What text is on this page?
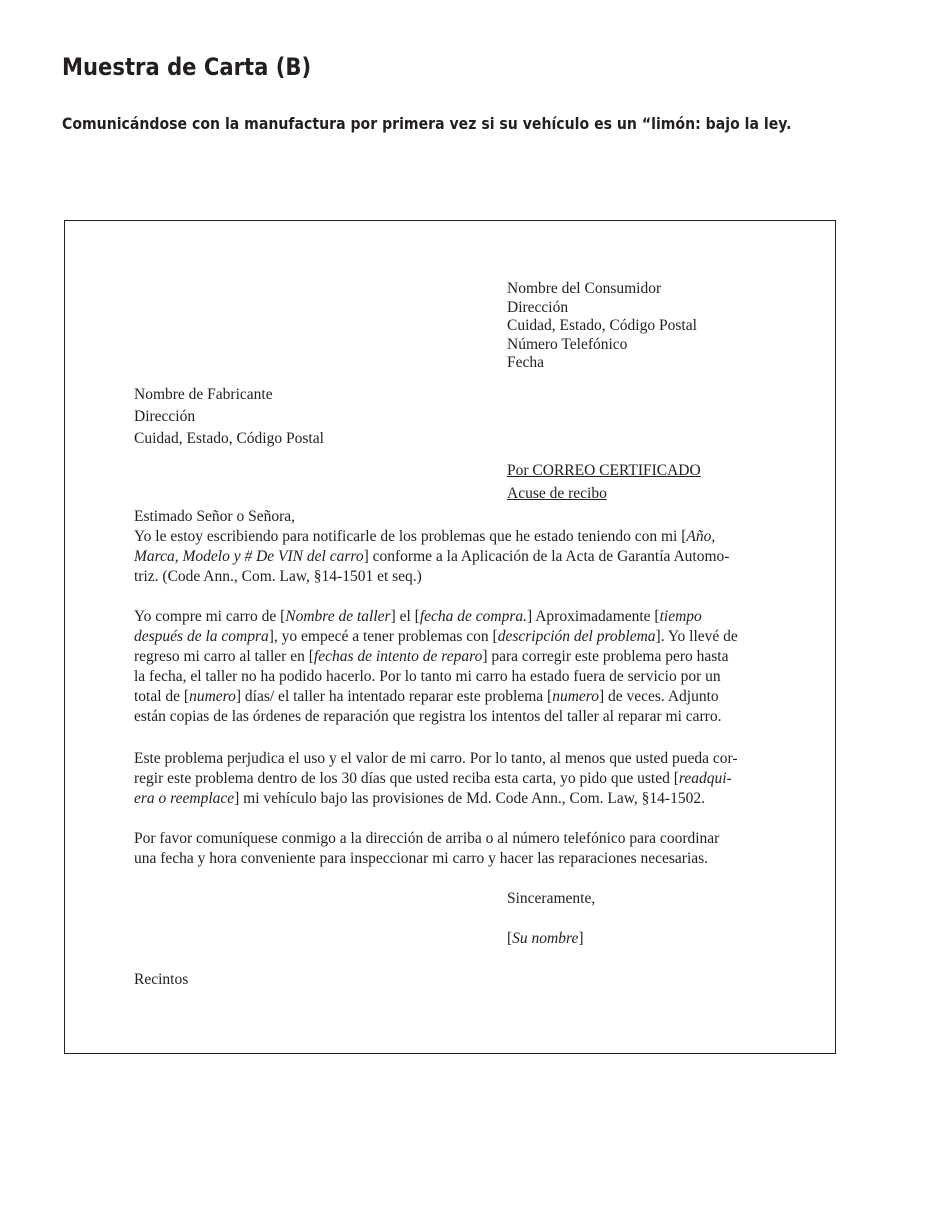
Muestra de Carta (B)
Comunicándose con la manufactura por primera vez si su vehículo es un “limón: bajo la ley.
Nombre del Consumidor
Dirección
Cuidad, Estado, Código Postal
Número Telefónico
Fecha
Nombre de Fabricante
Dirección
Cuidad, Estado, Código Postal
Por CORREO CERTIFICADO
Acuse de recibo
Estimado Señor o Señora,
Yo le estoy escribiendo para notificarle de los problemas que he estado teniendo con mi [Año,
Marca, Modelo y # De VIN del carro] conforme a la Aplicación de la Acta de Garantía Automo-
triz. (Code Ann., Com. Law, §14-1501 et seq.)
Yo compre mi carro de [Nombre de taller] el [fecha de compra.] Aproximadamente [tiempo
después de la compra], yo empecé a tener problemas con [descripción del problema]. Yo llevé de
regreso mi carro al taller en [fechas de intento de reparo] para corregir este problema pero hasta
la fecha, el taller no ha podido hacerlo. Por lo tanto mi carro ha estado fuera de servicio por un
total de [numero] días/ el taller ha intentado reparar este problema [numero] de veces. Adjunto
están copias de las órdenes de reparación que registra los intentos del taller al reparar mi carro.
Este problema perjudica el uso y el valor de mi carro. Por lo tanto, al menos que usted pueda cor-
regir este problema dentro de los 30 días que usted reciba esta carta, yo pido que usted [readqui-
era o reemplace] mi vehículo bajo las provisiones de Md. Code Ann., Com. Law, §14-1502.
Por favor comuníquese conmigo a la dirección de arriba o al número telefónico para coordinar
una fecha y hora conveniente para inspeccionar mi carro y hacer las reparaciones necesarias.
Sinceramente,
[Su nombre]
Recintos
